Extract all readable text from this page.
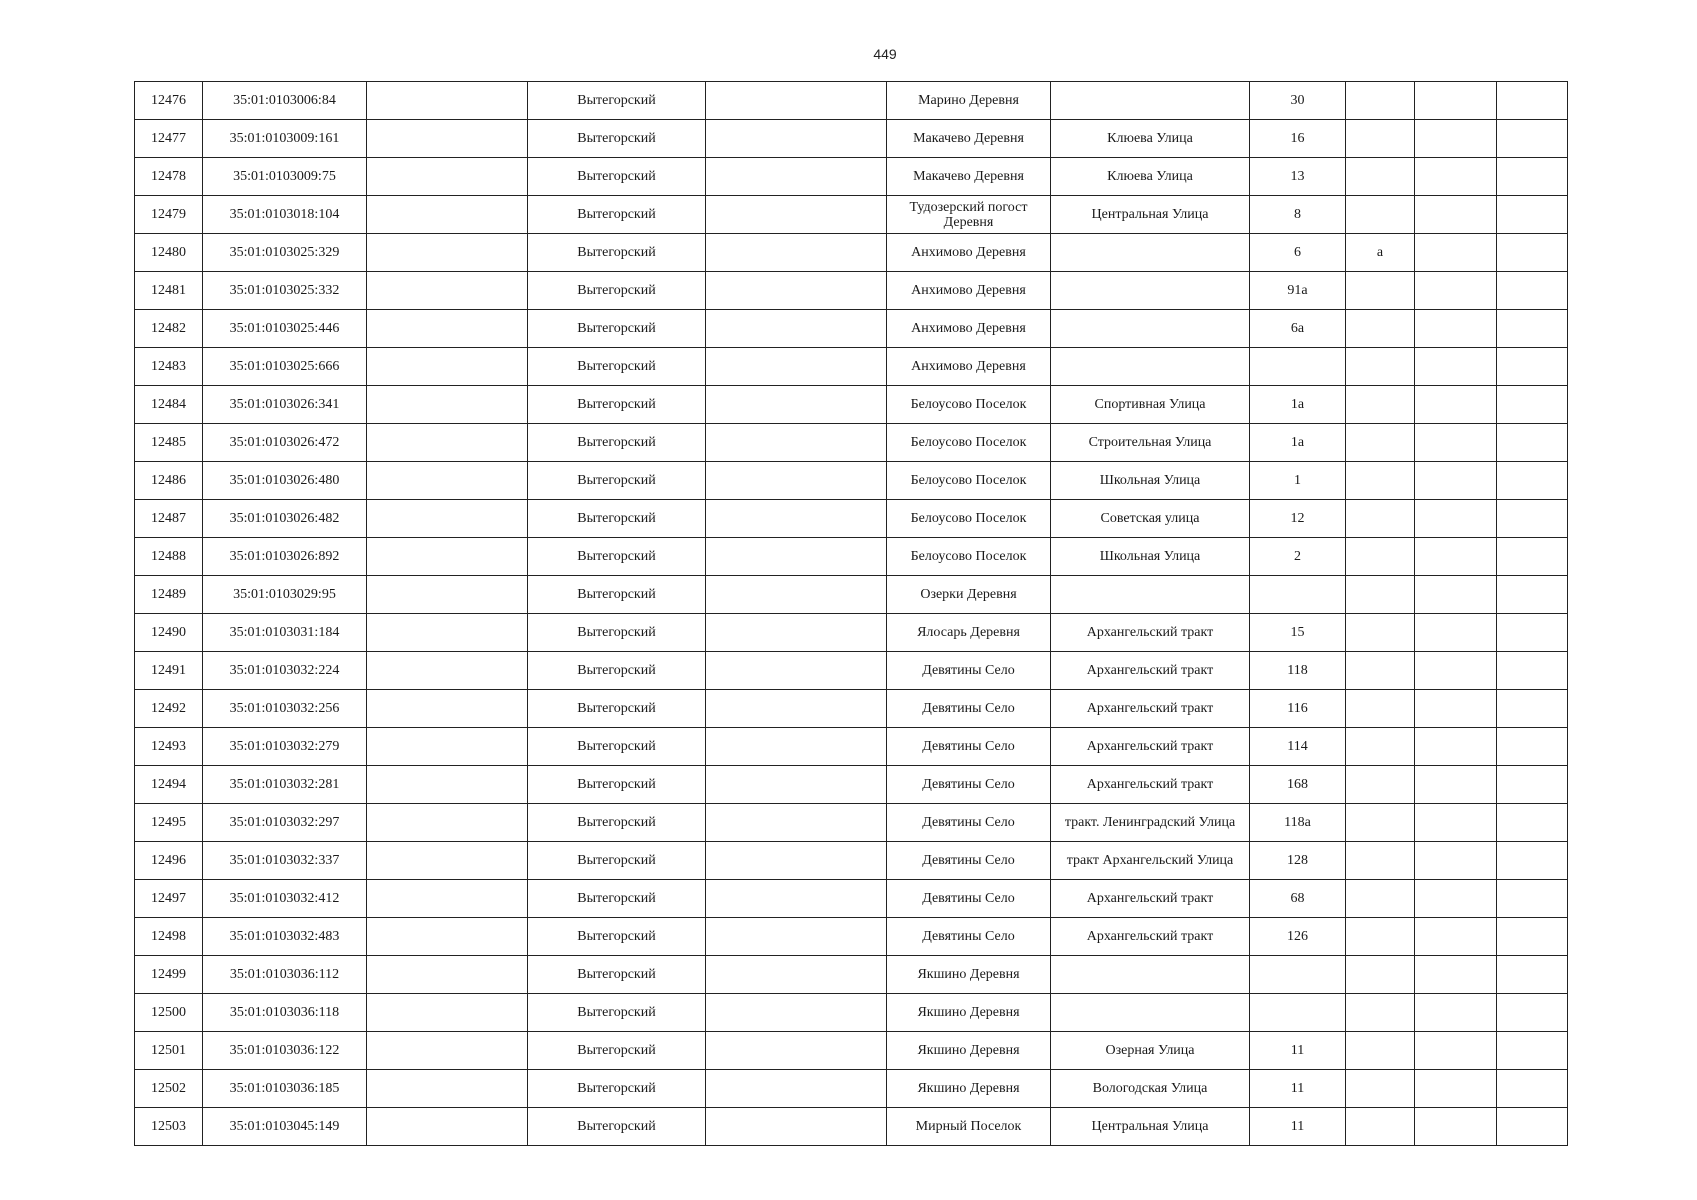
449
12476	35:01:0103006:84		Вытегорский		Марино Деревня		30			
12477	35:01:0103009:161		Вытегорский		Макачево Деревня	Клюева Улица	16			
12478	35:01:0103009:75		Вытегорский		Макачево Деревня	Клюева Улица	13			
12479	35:01:0103018:104		Вытегорский		Тудозерский погост Деревня	Центральная Улица	8			
12480	35:01:0103025:329		Вытегорский		Анхимово Деревня		6	а		
12481	35:01:0103025:332		Вытегорский		Анхимово Деревня		91а			
12482	35:01:0103025:446		Вытегорский		Анхимово Деревня		6а			
12483	35:01:0103025:666		Вытегорский		Анхимово Деревня					
12484	35:01:0103026:341		Вытегорский		Белоусово Поселок	Спортивная Улица	1а			
12485	35:01:0103026:472		Вытегорский		Белоусово Поселок	Строительная Улица	1а			
12486	35:01:0103026:480		Вытегорский		Белоусово Поселок	Школьная Улица	1			
12487	35:01:0103026:482		Вытегорский		Белоусово Поселок	Советская улица	12			
12488	35:01:0103026:892		Вытегорский		Белоусово Поселок	Школьная Улица	2			
12489	35:01:0103029:95		Вытегорский		Озерки Деревня					
12490	35:01:0103031:184		Вытегорский		Ялосарь Деревня	Архангельский тракт	15			
12491	35:01:0103032:224		Вытегорский		Девятины Село	Архангельский тракт	118			
12492	35:01:0103032:256		Вытегорский		Девятины Село	Архангельский тракт	116			
12493	35:01:0103032:279		Вытегорский		Девятины Село	Архангельский тракт	114			
12494	35:01:0103032:281		Вытегорский		Девятины Село	Архангельский тракт	168			
12495	35:01:0103032:297		Вытегорский		Девятины Село	тракт. Ленинградский Улица	118а			
12496	35:01:0103032:337		Вытегорский		Девятины Село	тракт Архангельский Улица	128			
12497	35:01:0103032:412		Вытегорский		Девятины Село	Архангельский тракт	68			
12498	35:01:0103032:483		Вытегорский		Девятины Село	Архангельский тракт	126			
12499	35:01:0103036:112		Вытегорский		Якшино Деревня					
12500	35:01:0103036:118		Вытегорский		Якшино Деревня					
12501	35:01:0103036:122		Вытегорский		Якшино Деревня	Озерная Улица	11			
12502	35:01:0103036:185		Вытегорский		Якшино Деревня	Вологодская Улица	11			
12503	35:01:0103045:149		Вытегорский		Мирный Поселок	Центральная Улица	11			
